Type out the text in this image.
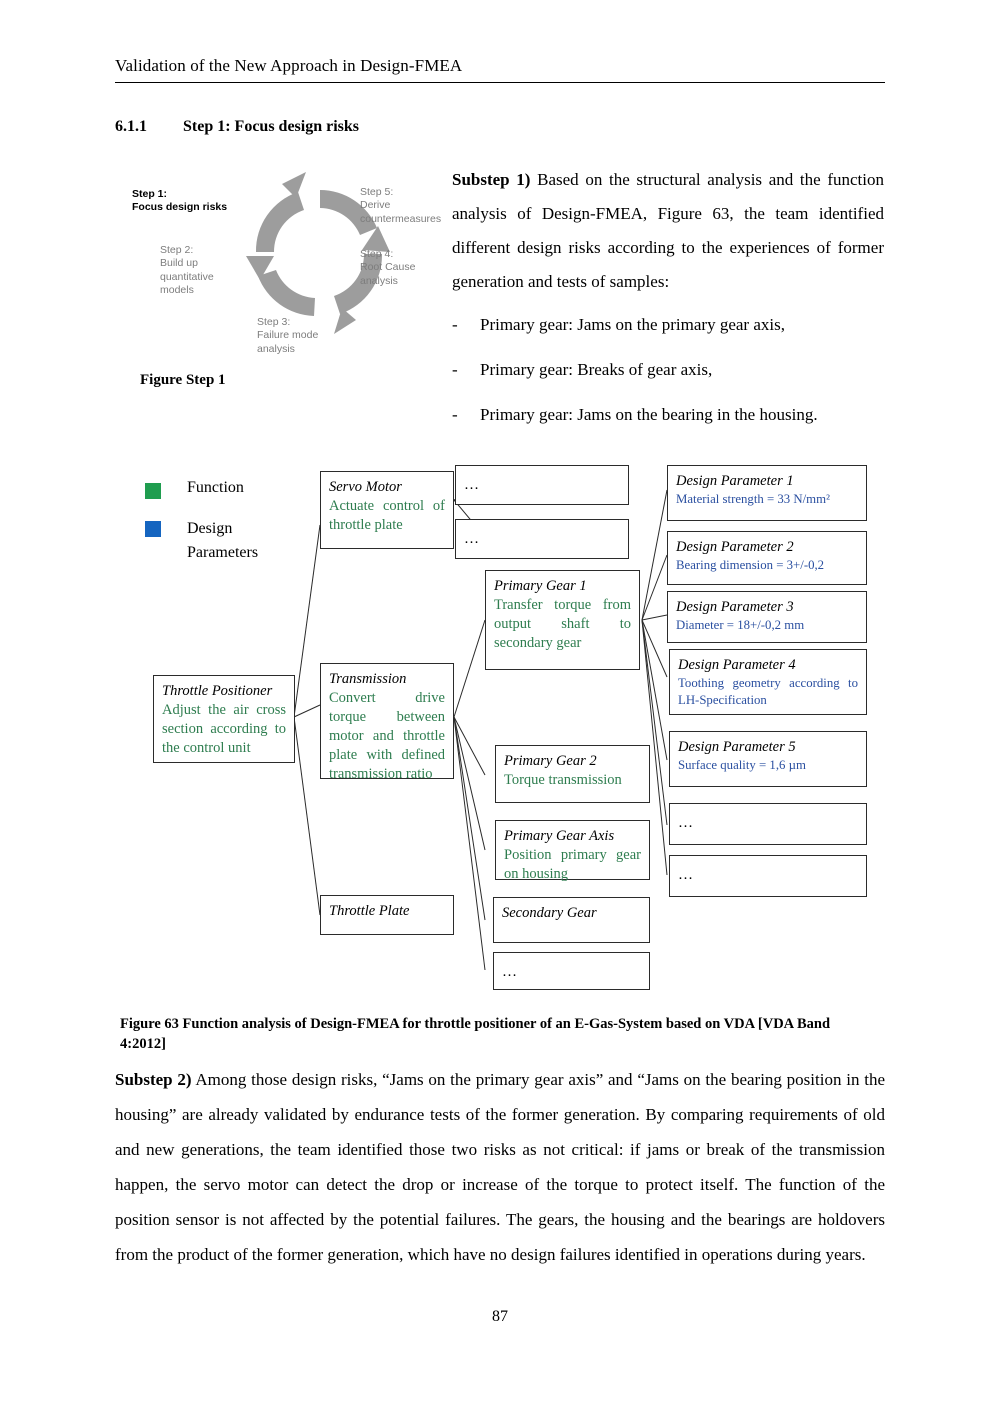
Validation of the New Approach in Design-FMEA
6.1.1 Step 1: Focus design risks
Step 1:
Focus design risks
Step 2:
Build up quantitative models
Step 3:
Failure mode analysis
Step 4:
Root Cause analysis
Step 5:
Derive countermeasures
Figure Step 1
Substep 1) Based on the structural analysis and the function analysis of Design-FMEA, Figure 63, the team identified different design risks according to the experiences of former generation and tests of samples:
- Primary gear: Jams on the primary gear axis,
- Primary gear: Breaks of gear axis,
- Primary gear: Jams on the bearing in the housing.
Function
Design Parameters
Throttle Positioner
Adjust the air cross section according to the control unit
Servo Motor
Actuate control of throttle plate
Transmission
Convert drive torque between motor and throttle plate with defined transmission ratio
Throttle Plate
…
…
Primary Gear 1
Transfer torque from output shaft to secondary gear
Primary Gear 2
Torque transmission
Primary Gear Axis
Position primary gear on housing
Secondary Gear
…
Design Parameter 1
Material strength = 33 N/mm²
Design Parameter 2
Bearing dimension = 3+/-0,2
Design Parameter 3
Diameter = 18+/-0,2 mm
Design Parameter 4
Toothing geometry according to LH-Specification
Design Parameter 5
Surface quality = 1,6 µm
…
…
Figure 63 Function analysis of Design-FMEA for throttle positioner of an E-Gas-System based on VDA [VDA Band 4:2012]
Substep 2) Among those design risks, “Jams on the primary gear axis” and “Jams on the bearing position in the housing” are already validated by endurance tests of the former generation. By comparing requirements of old and new generations, the team identified those two risks as not critical: if jams or break of the transmission happen, the servo motor can detect the drop or increase of the torque to protect itself. The function of the position sensor is not affected by the potential failures. The gears, the housing and the bearings are holdovers from the product of the former generation, which have no design failures identified in operations during years.
87
